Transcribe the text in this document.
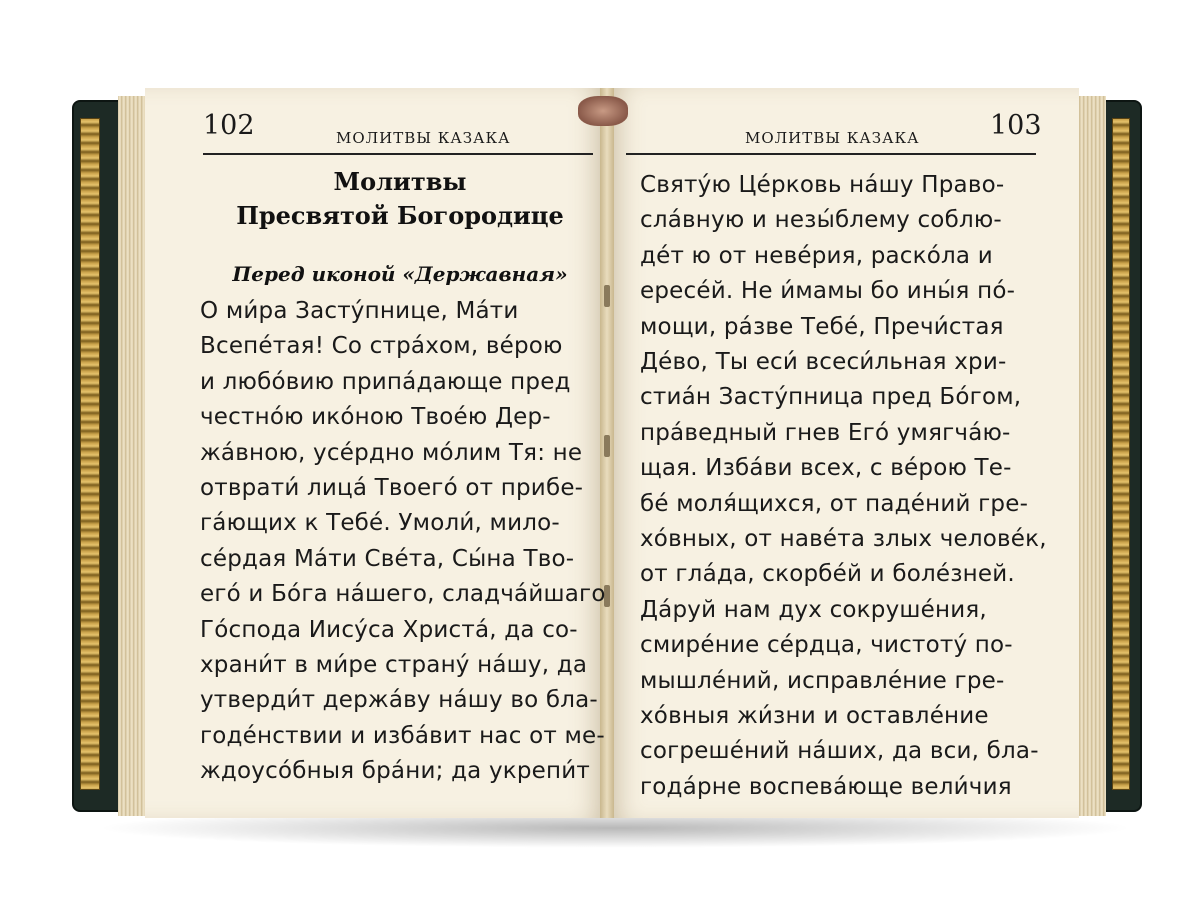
102	МОЛИТВЫ КАЗАКА	МОЛИТВЫ КАЗАКА	103
Молитвы
Пресвятой Богородице
Перед иконой «Державная»
О ми́ра Засту́пнице, Ма́ти
Всепе́тая! Со стра́хом, ве́рою
и любо́вию припа́дающе пред
честно́ю ико́ною Твое́ю Дер-
жа́вною, усе́рдно мо́лим Тя: не
отврати́ лица́ Твоего́ от прибе-
га́ющих к Тебе́. Умоли́, мило-
се́рдая Ма́ти Све́та, Сы́на Тво-
его́ и Бо́га на́шего, сладча́йшаго
Го́спода Иису́са Христа́, да со-
храни́т в ми́ре страну́ на́шу, да
утверди́т держа́ву на́шу во бла-
годе́нствии и изба́вит нас от ме-
ждоусо́бныя бра́ни; да укрепи́т
Святу́ю Це́рковь на́шу Право-
сла́вную и незы́блему соблю-
де́т ю от неве́рия, раско́ла и
ересе́й. Не и́мамы бо ины́я по́-
мощи, ра́зве Тебе́, Пречи́стая
Де́во, Ты еси́ всеси́льная хри-
стиа́н Засту́пница пред Бо́гом,
пра́ведный гнев Его́ умягча́ю-
щая. Изба́ви всех, с ве́рою Те-
бе́ моля́щихся, от паде́ний гре-
хо́вных, от наве́та злых челове́к,
от гла́да, скорбе́й и боле́зней.
Да́руй нам дух сокруше́ния,
смире́ние се́рдца, чистоту́ по-
мышле́ний, исправле́ние гре-
хо́вныя жи́зни и оставле́ние
согреше́ний на́ших, да вси, бла-
года́рне воспева́юще вели́чия
